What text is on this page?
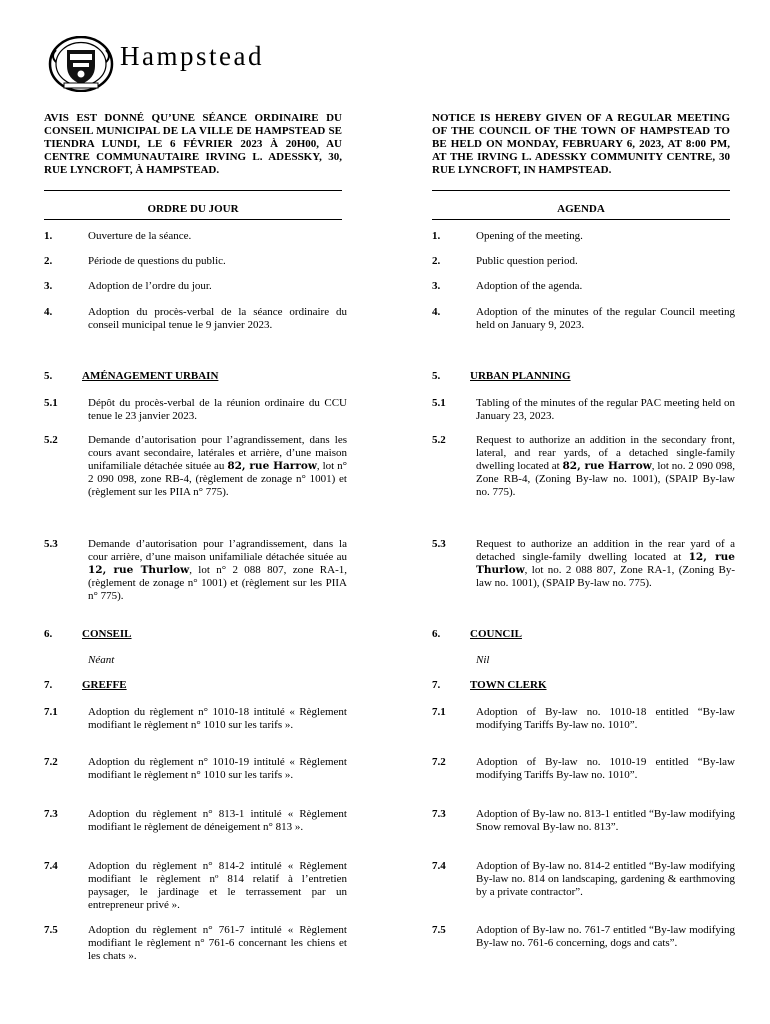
Hampstead
AVIS EST DONNÉ QU’UNE SÉANCE ORDINAIRE DU CONSEIL MUNICIPAL DE LA VILLE DE HAMPSTEAD SE TIENDRA LUNDI, LE 6 FÉVRIER 2023 À 20H00, AU CENTRE COMMUNAUTAIRE IRVING L. ADESSKY, 30, RUE LYNCROFT, À HAMPSTEAD.
ORDRE DU JOUR
1.	Ouverture de la séance.
2.	Période de questions du public.
3.	Adoption de l’ordre du jour.
4.	Adoption du procès-verbal de la séance ordinaire du conseil municipal tenue le 9 janvier 2023.
5.	AMÉNAGEMENT URBAIN
5.1	Dépôt du procès-verbal de la réunion ordinaire du CCU tenue le 23 janvier 2023.
5.2	Demande d’autorisation pour l’agrandissement, dans les cours avant secondaire, latérales et arrière, d’une maison unifamiliale détachée située au 82, rue Harrow, lot n° 2 090 098, zone RB-4, (règlement de zonage n° 1001) et (règlement sur les PIIA n° 775).
5.3	Demande d’autorisation pour l’agrandissement, dans la cour arrière, d’une maison unifamiliale détachée située au 12, rue Thurlow, lot n° 2 088 807, zone RA-1, (règlement de zonage n° 1001) et (règlement sur les PIIA n° 775).
6.	CONSEIL
Néant
7.	GREFFE
7.1	Adoption du règlement n° 1010-18 intitulé « Règlement modifiant le règlement n° 1010 sur les tarifs ».
7.2	Adoption du règlement n° 1010-19 intitulé « Règlement modifiant le règlement n° 1010 sur les tarifs ».
7.3	Adoption du règlement n° 813-1 intitulé « Règlement modifiant le règlement de déneigement n° 813 ».
7.4	Adoption du règlement n° 814-2 intitulé « Règlement modifiant le règlement nº 814 relatif à l’entretien paysager, le jardinage et le terrassement par un entrepreneur privé ».
7.5	Adoption du règlement n° 761-7 intitulé « Règlement modifiant le règlement n° 761-6 concernant les chiens et les chats ».
NOTICE IS HEREBY GIVEN OF A REGULAR MEETING OF THE COUNCIL OF THE TOWN OF HAMPSTEAD TO BE HELD ON MONDAY, FEBRUARY 6, 2023, AT 8:00 PM, AT THE IRVING L. ADESSKY COMMUNITY CENTRE, 30 RUE LYNCROFT, IN HAMPSTEAD.
AGENDA
1.	Opening of the meeting.
2.	Public question period.
3.	Adoption of the agenda.
4.	Adoption of the minutes of the regular Council meeting held on January 9, 2023.
5.	URBAN PLANNING
5.1	Tabling of the minutes of the regular PAC meeting held on January 23, 2023.
5.2	Request to authorize an addition in the secondary front, lateral, and rear yards, of a detached single-family dwelling located at 82, rue Harrow, lot no. 2 090 098, Zone RB-4, (Zoning By-law no. 1001), (SPAIP By-law no. 775).
5.3	Request to authorize an addition in the rear yard of a detached single-family dwelling located at 12, rue Thurlow, lot no. 2 088 807, Zone RA-1, (Zoning By-law no. 1001), (SPAIP By-law no. 775).
6.	COUNCIL
Nil
7.	TOWN CLERK
7.1	Adoption of By-law no. 1010-18 entitled “By-law modifying Tariffs By-law no. 1010”.
7.2	Adoption of By-law no. 1010-19 entitled “By-law modifying Tariffs By-law no. 1010”.
7.3	Adoption of By-law no. 813-1 entitled “By-law modifying Snow removal By-law no. 813”.
7.4	Adoption of By-law no. 814-2 entitled “By-law modifying By-law no. 814 on landscaping, gardening & earthmoving by a private contractor”.
7.5	Adoption of By-law no. 761-7 entitled “By-law modifying By-law no. 761-6 concerning, dogs and cats”.
